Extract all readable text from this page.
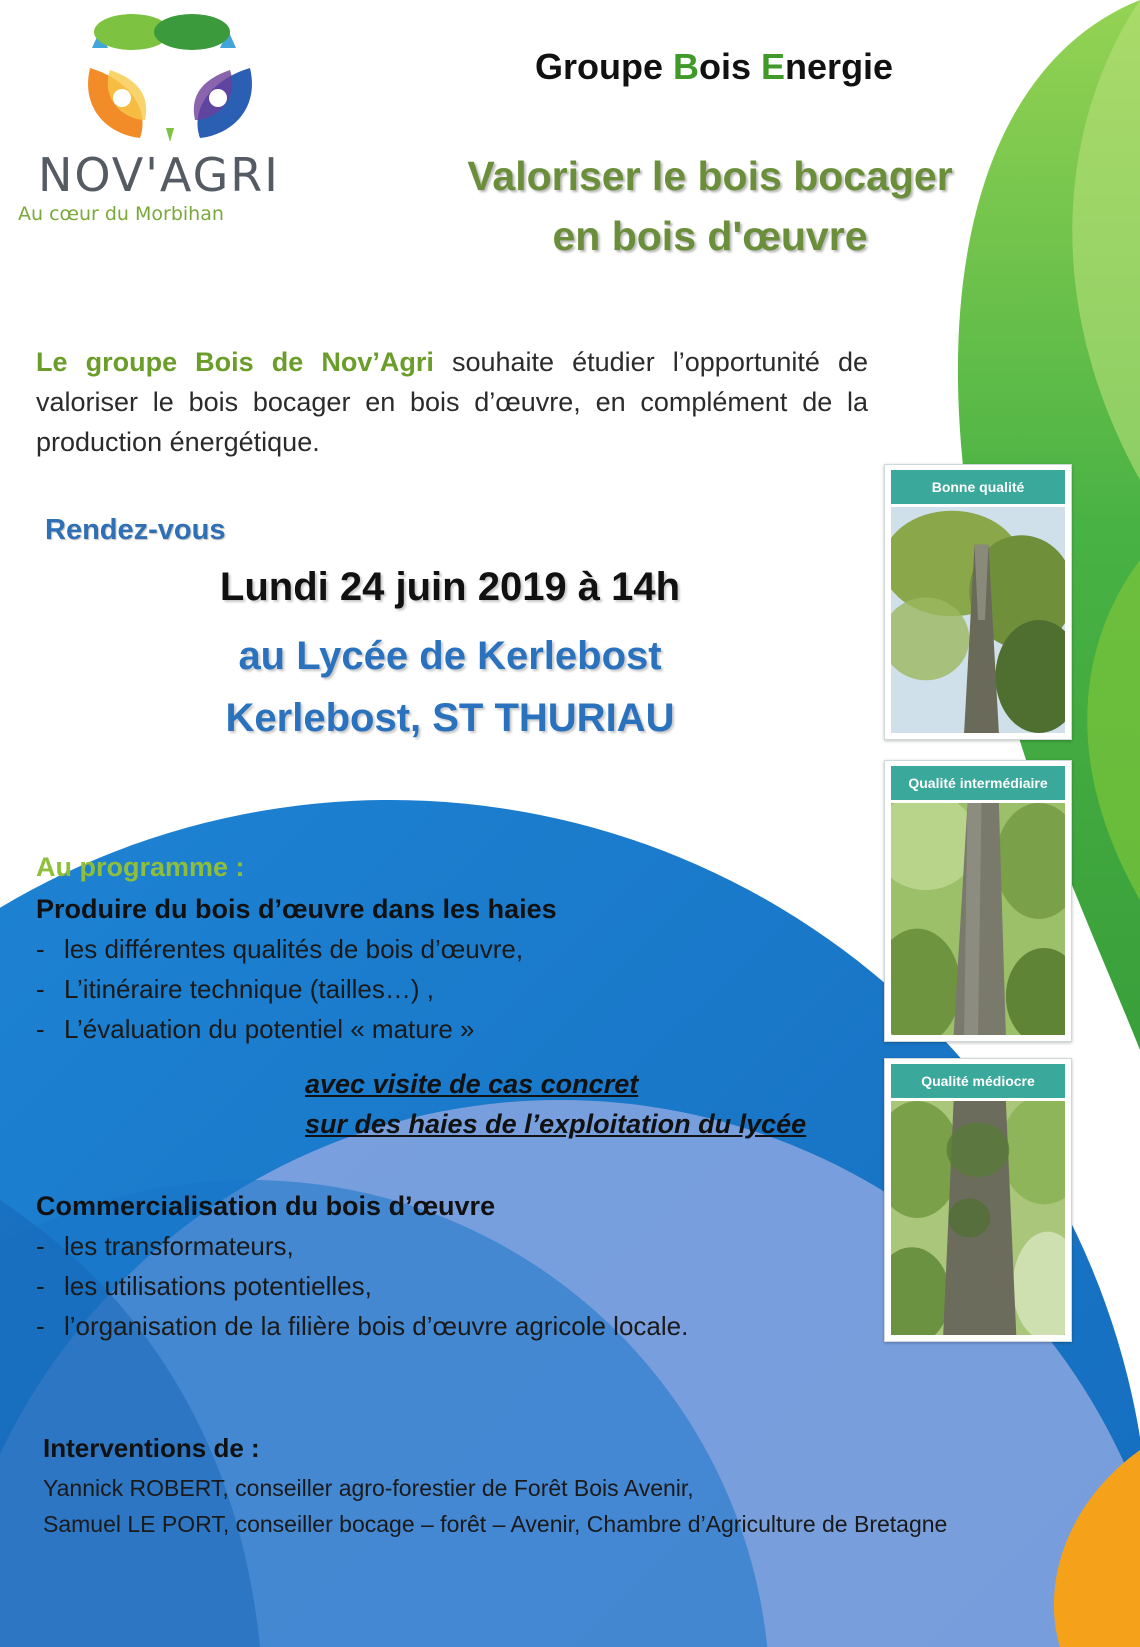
NOV'AGRI
Au cœur du Morbihan
Groupe Bois Energie
Valoriser le bois bocager
en bois d'œuvre
Le groupe Bois de Nov’Agri souhaite étudier l’opportunité de valoriser le bois bocager en bois d’œuvre, en complément de la production énergétique.
Rendez-vous
Lundi 24 juin 2019 à 14h
au Lycée de Kerlebost
Kerlebost, ST THURIAU
Au programme :
Produire du bois d’œuvre dans les haies
- les différentes qualités de bois d’œuvre,
- L’itinéraire technique (tailles…) ,
- L’évaluation du potentiel « mature »
avec visite de cas concret
sur des haies de l’exploitation du lycée
Commercialisation du bois d’œuvre
- les transformateurs,
- les utilisations potentielles,
- l’organisation de la filière bois d’œuvre agricole locale.
Interventions de :
Yannick ROBERT, conseiller agro-forestier de Forêt Bois Avenir,
Samuel LE PORT, conseiller bocage – forêt – Avenir, Chambre d’Agriculture de Bretagne
Bonne qualité
Qualité intermédiaire
Qualité médiocre
